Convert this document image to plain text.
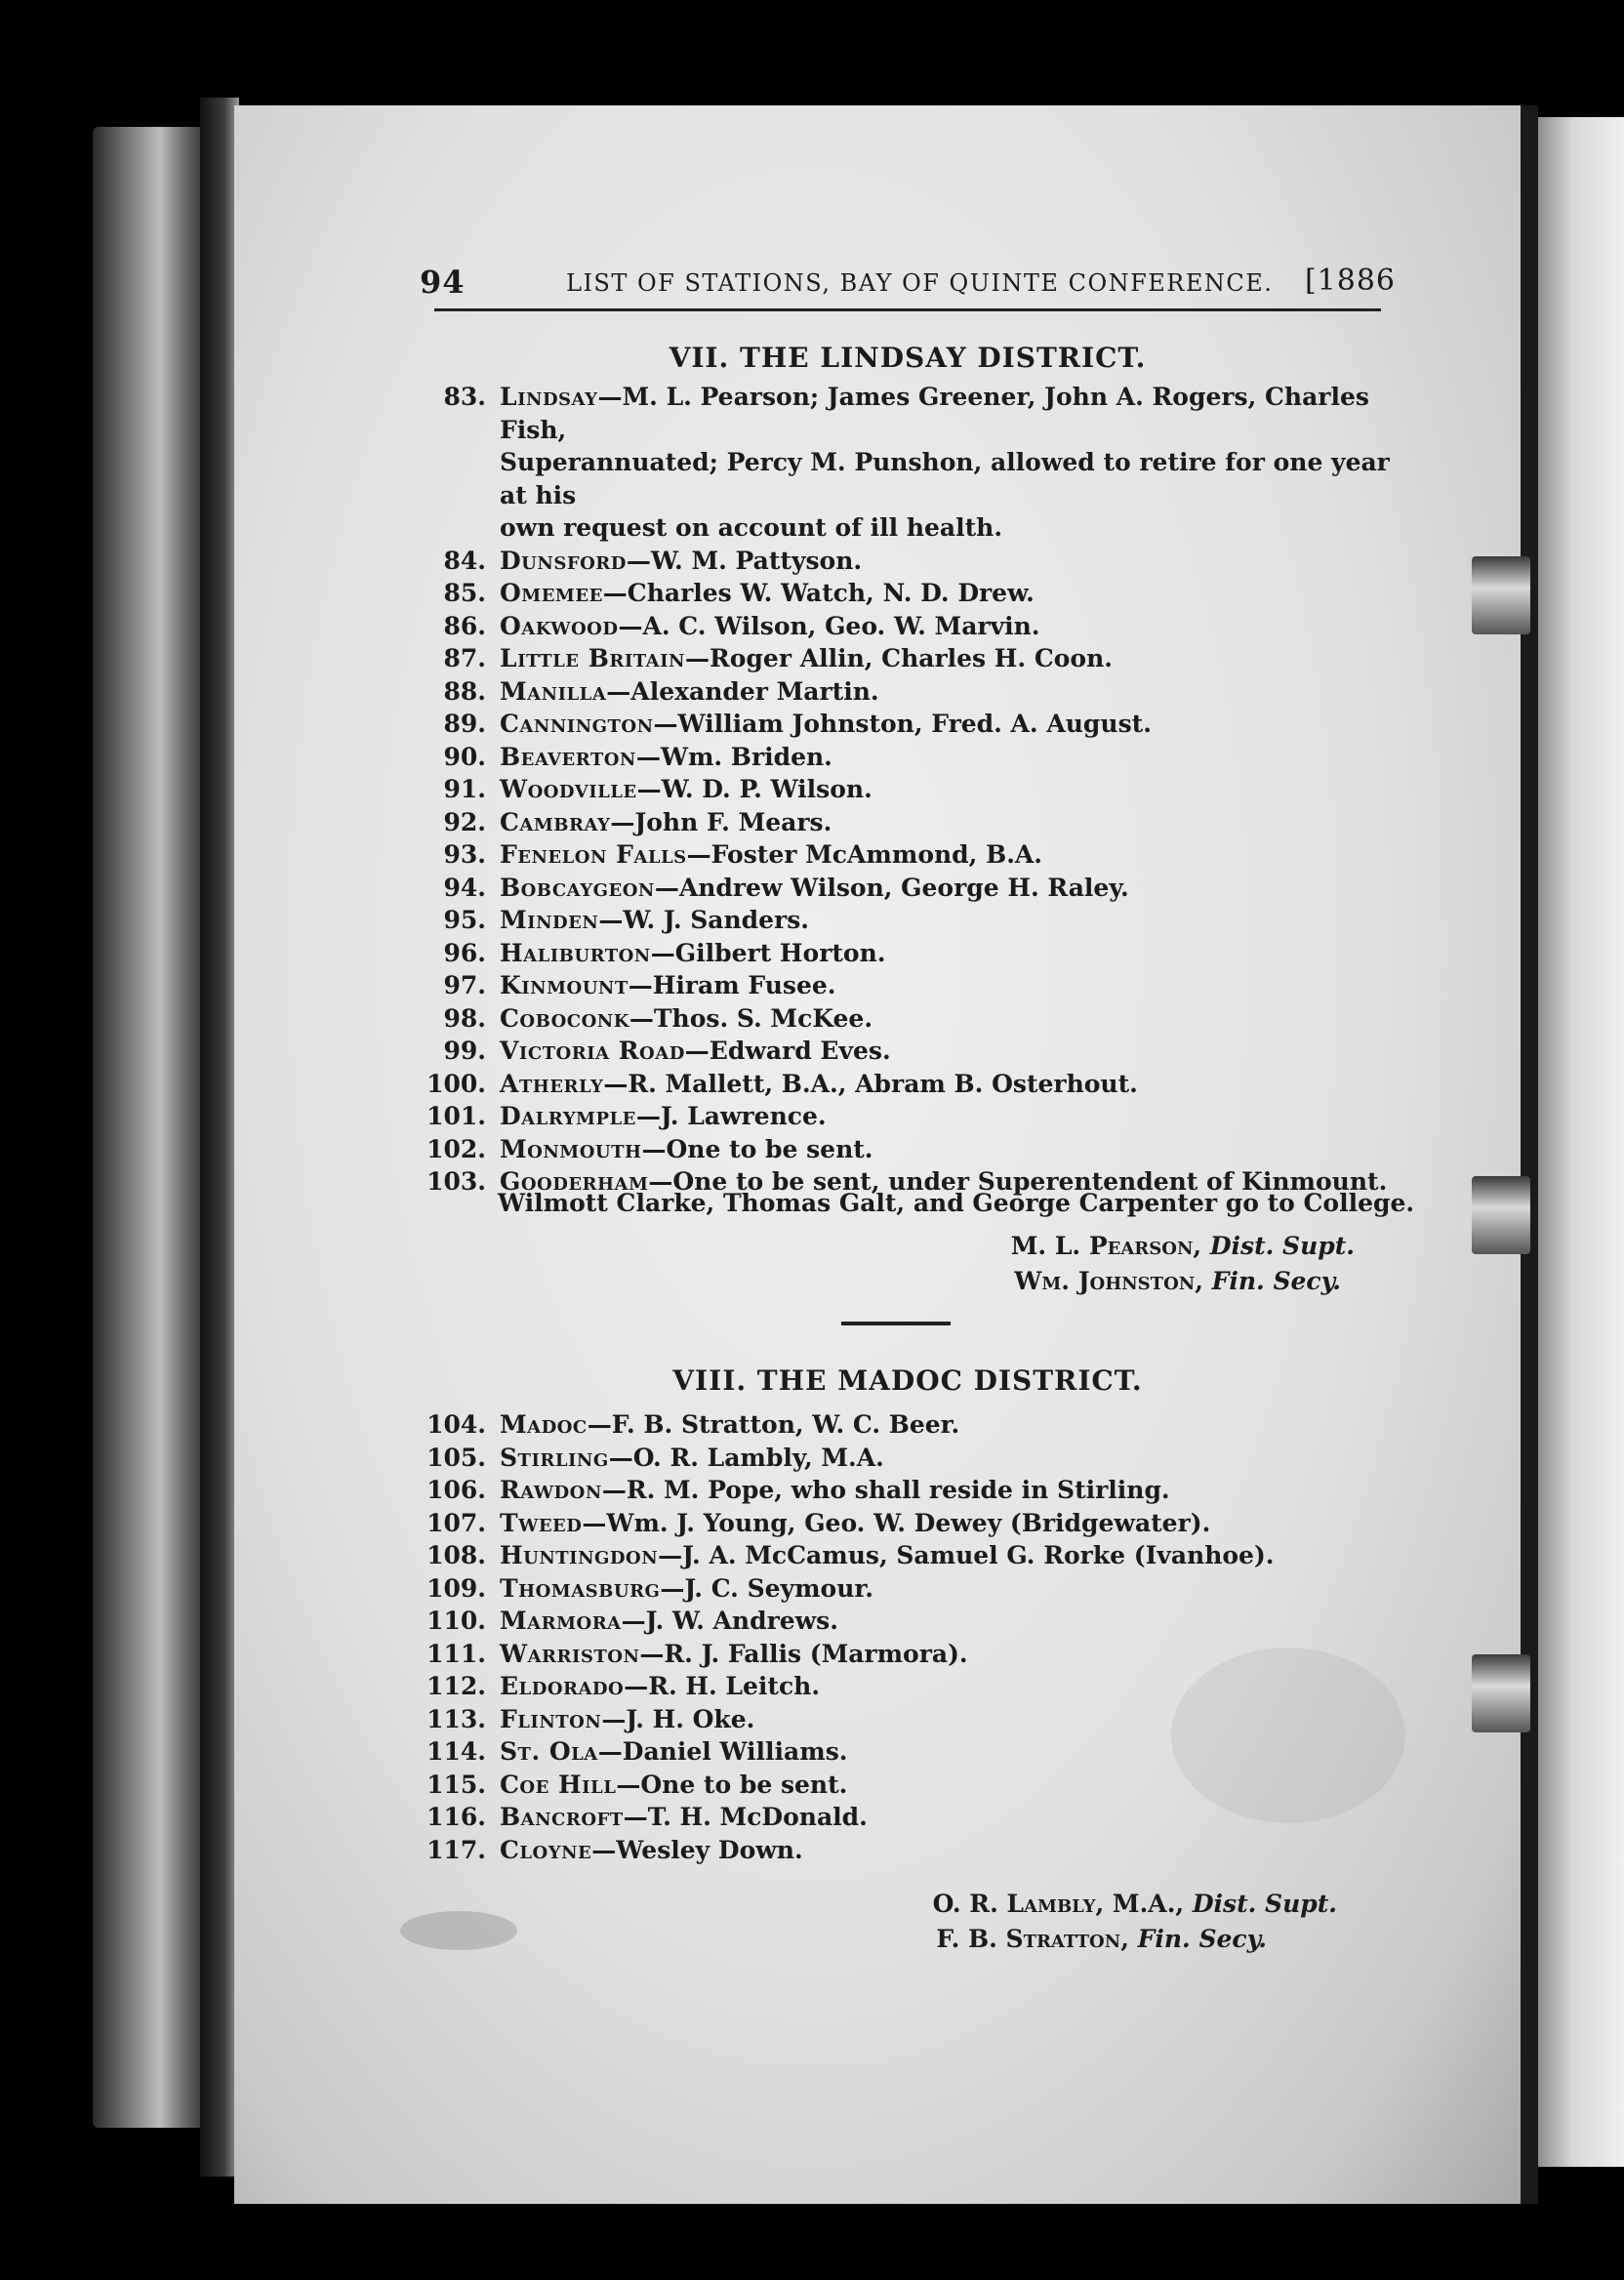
94	LIST OF STATIONS, BAY OF QUINTE CONFERENCE. [1886
VII. THE LINDSAY DISTRICT.
83. Lindsay—M. L. Pearson; James Greener, John A. Rogers, Charles Fish,
Superannuated; Percy M. Punshon, allowed to retire for one year at his
own request on account of ill health.
84. Dunsford—W. M. Pattyson.
85. Omemee—Charles W. Watch, N. D. Drew.
86. Oakwood—A. C. Wilson, Geo. W. Marvin.
87. Little Britain—Roger Allin, Charles H. Coon.
88. Manilla—Alexander Martin.
89. Cannington—William Johnston, Fred. A. August.
90. Beaverton—Wm. Briden.
91. Woodville—W. D. P. Wilson.
92. Cambray—John F. Mears.
93. Fenelon Falls—Foster McAmmond, B.A.
94. Bobcaygeon—Andrew Wilson, George H. Raley.
95. Minden—W. J. Sanders.
96. Haliburton—Gilbert Horton.
97. Kinmount—Hiram Fusee.
98. Coboconk—Thos. S. McKee.
99. Victoria Road—Edward Eves.
100. Atherly—R. Mallett, B.A., Abram B. Osterhout.
101. Dalrymple—J. Lawrence.
102. Monmouth—One to be sent.
103. Gooderham—One to be sent, under Superentendent of Kinmount.
Wilmott Clarke, Thomas Galt, and George Carpenter go to College.
M. L. Pearson, Dist. Supt.
Wm. Johnston, Fin. Secy.
VIII. THE MADOC DISTRICT.
104. Madoc—F. B. Stratton, W. C. Beer.
105. Stirling—O. R. Lambly, M.A.
106. Rawdon—R. M. Pope, who shall reside in Stirling.
107. Tweed—Wm. J. Young, Geo. W. Dewey (Bridgewater).
108. Huntingdon—J. A. McCamus, Samuel G. Rorke (Ivanhoe).
109. Thomasburg—J. C. Seymour.
110. Marmora—J. W. Andrews.
111. Warriston—R. J. Fallis (Marmora).
112. Eldorado—R. H. Leitch.
113. Flinton—J. H. Oke.
114. St. Ola—Daniel Williams.
115. Coe Hill—One to be sent.
116. Bancroft—T. H. McDonald.
117. Cloyne—Wesley Down.
O. R. Lambly, M.A., Dist. Supt.
F. B. Stratton, Fin. Secy.
